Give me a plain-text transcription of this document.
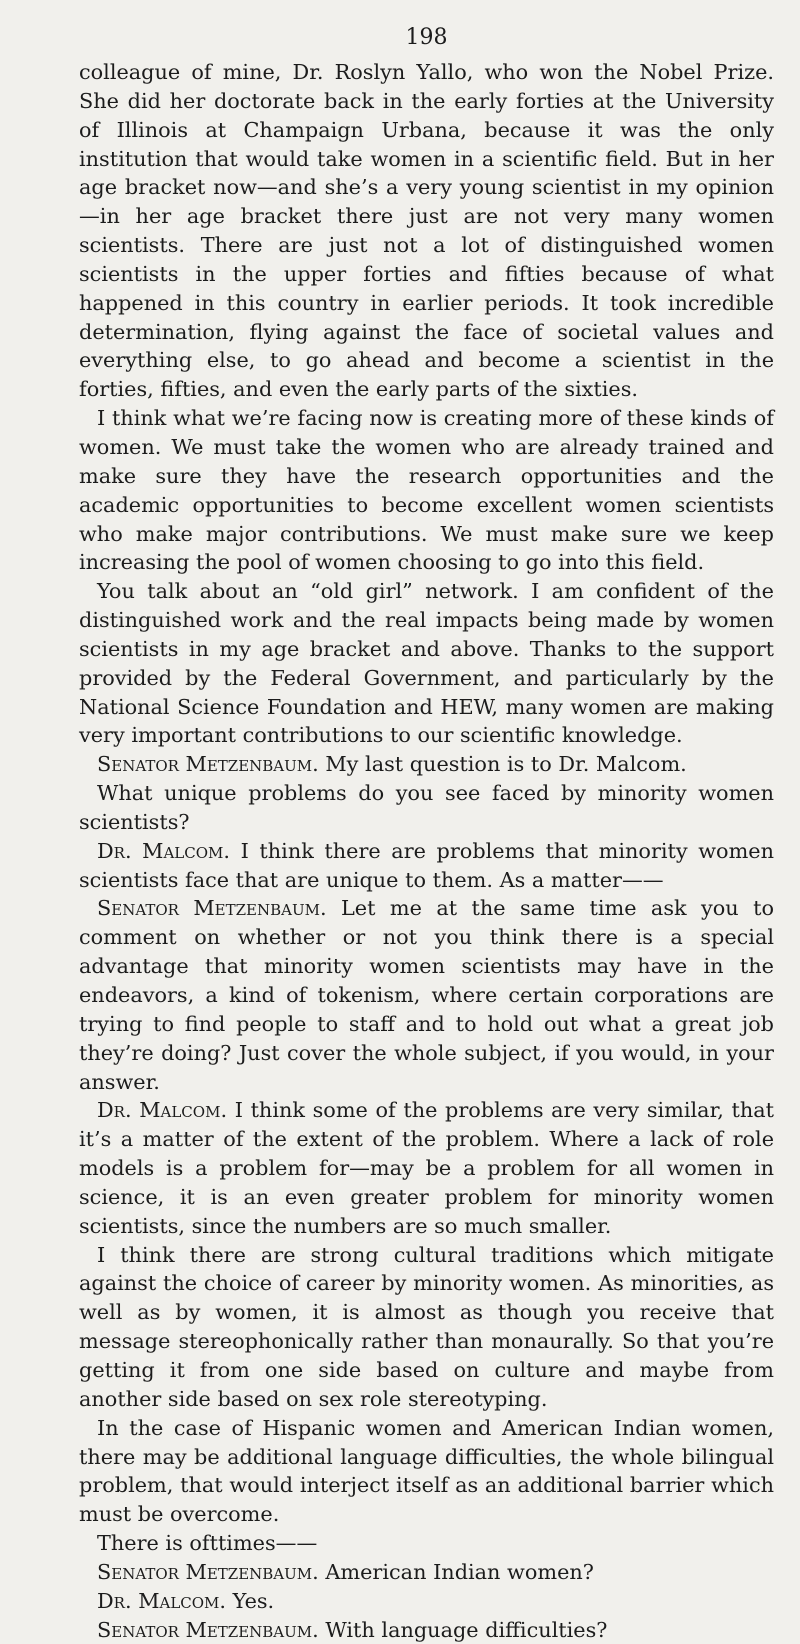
198

colleague of mine, Dr. Roslyn Yallo, who won the Nobel Prize. She did her doctorate back in the early forties at the University of Illinois at Champaign Urbana, because it was the only institution that would take women in a scientific field. But in her age bracket now—and she’s a very young scientist in my opinion—in her age bracket there just are not very many women scientists. There are just not a lot of distinguished women scientists in the upper forties and fifties because of what happened in this country in earlier periods. It took incredible determination, flying against the face of societal values and everything else, to go ahead and become a scientist in the forties, fifties, and even the early parts of the sixties.

I think what we’re facing now is creating more of these kinds of women. We must take the women who are already trained and make sure they have the research opportunities and the academic opportunities to become excellent women scientists who make major contributions. We must make sure we keep increasing the pool of women choosing to go into this field.

You talk about an “old girl” network. I am confident of the distinguished work and the real impacts being made by women scientists in my age bracket and above. Thanks to the support provided by the Federal Government, and particularly by the National Science Foundation and HEW, many women are making very important contributions to our scientific knowledge.

Senator Metzenbaum. My last question is to Dr. Malcom.

What unique problems do you see faced by minority women scientists?

Dr. Malcom. I think there are problems that minority women scientists face that are unique to them. As a matter——

Senator Metzenbaum. Let me at the same time ask you to comment on whether or not you think there is a special advantage that minority women scientists may have in the endeavors, a kind of tokenism, where certain corporations are trying to find people to staff and to hold out what a great job they’re doing? Just cover the whole subject, if you would, in your answer.

Dr. Malcom. I think some of the problems are very similar, that it’s a matter of the extent of the problem. Where a lack of role models is a problem for—may be a problem for all women in science, it is an even greater problem for minority women scientists, since the numbers are so much smaller.

I think there are strong cultural traditions which mitigate against the choice of career by minority women. As minorities, as well as by women, it is almost as though you receive that message stereophonically rather than monaurally. So that you’re getting it from one side based on culture and maybe from another side based on sex role stereotyping.

In the case of Hispanic women and American Indian women, there may be additional language difficulties, the whole bilingual problem, that would interject itself as an additional barrier which must be overcome.

There is ofttimes——

Senator Metzenbaum. American Indian women?

Dr. Malcom. Yes.

Senator Metzenbaum. With language difficulties?
